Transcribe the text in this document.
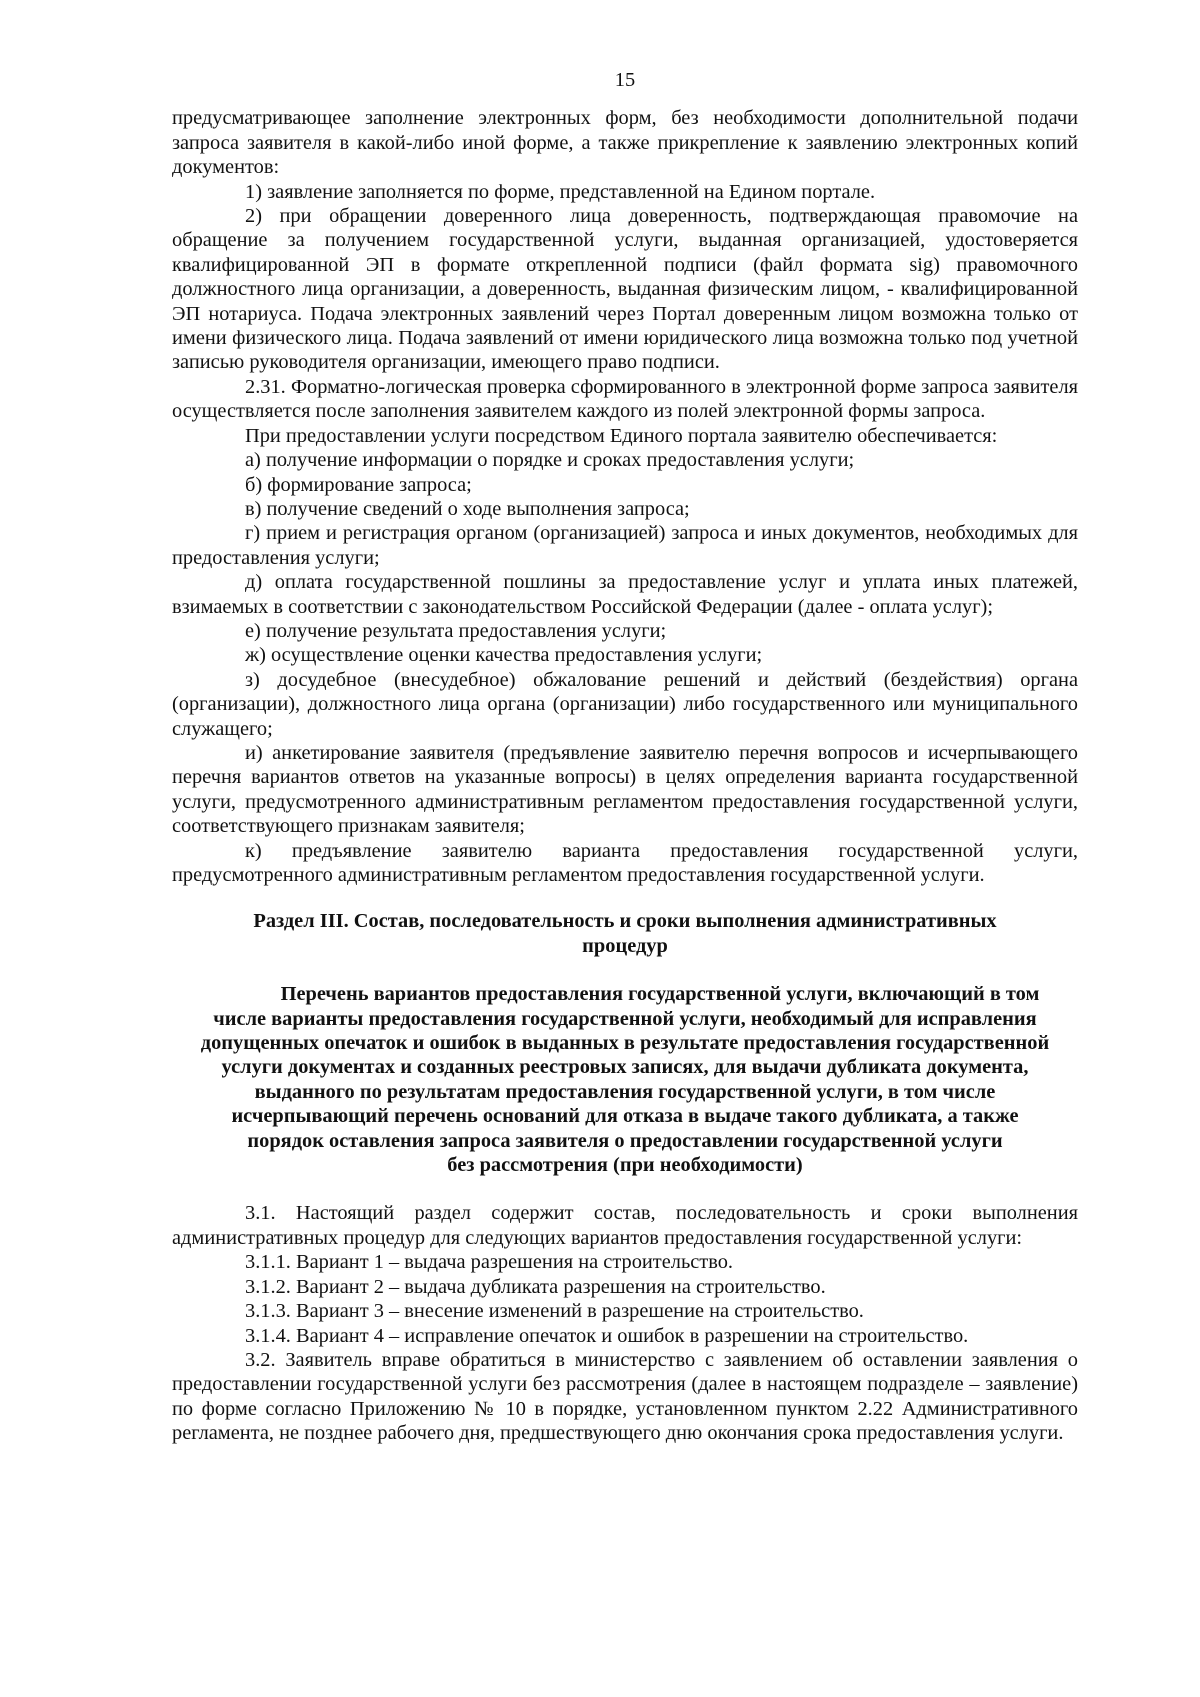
15

предусматривающее заполнение электронных форм, без необходимости дополнительной подачи запроса заявителя в какой-либо иной форме, а также прикрепление к заявлению электронных копий документов:

1) заявление заполняется по форме, представленной на Едином портале.

2) при обращении доверенного лица доверенность, подтверждающая правомочие на обращение за получением государственной услуги, выданная организацией, удостоверяется квалифицированной ЭП в формате открепленной подписи (файл формата sig) правомочного должностного лица организации, а доверенность, выданная физическим лицом, - квалифицированной ЭП нотариуса. Подача электронных заявлений через Портал доверенным лицом возможна только от имени физического лица. Подача заявлений от имени юридического лица возможна только под учетной записью руководителя организации, имеющего право подписи.

2.31. Форматно-логическая проверка сформированного в электронной форме запроса заявителя осуществляется после заполнения заявителем каждого из полей электронной формы запроса.

При предоставлении услуги посредством Единого портала заявителю обеспечивается:

а) получение информации о порядке и сроках предоставления услуги;

б) формирование запроса;

в) получение сведений о ходе выполнения запроса;

г) прием и регистрация органом (организацией) запроса и иных документов, необходимых для предоставления услуги;

д) оплата государственной пошлины за предоставление услуг и уплата иных платежей, взимаемых в соответствии с законодательством Российской Федерации (далее - оплата услуг);

е) получение результата предоставления услуги;

ж) осуществление оценки качества предоставления услуги;

з) досудебное (внесудебное) обжалование решений и действий (бездействия) органа (организации), должностного лица органа (организации) либо государственного или муниципального служащего;

и) анкетирование заявителя (предъявление заявителю перечня вопросов и исчерпывающего перечня вариантов ответов на указанные вопросы) в целях определения варианта государственной услуги, предусмотренного административным регламентом предоставления государственной услуги, соответствующего признакам заявителя;

к) предъявление заявителю варианта предоставления государственной услуги, предусмотренного административным регламентом предоставления государственной услуги.

Раздел III. Состав, последовательность и сроки выполнения административных
процедур
Перечень вариантов предоставления государственной услуги, включающий в том
числе варианты предоставления государственной услуги, необходимый для исправления
допущенных опечаток и ошибок в выданных в результате предоставления государственной
услуги документах и созданных реестровых записях, для выдачи дубликата документа,
выданного по результатам предоставления государственной услуги, в том числе
исчерпывающий перечень оснований для отказа в выдаче такого дубликата, а также
порядок оставления запроса заявителя о предоставлении государственной услуги
без рассмотрения (при необходимости)

3.1. Настоящий раздел содержит состав, последовательность и сроки выполнения административных процедур для следующих вариантов предоставления государственной услуги:

3.1.1. Вариант 1 – выдача разрешения на строительство.

3.1.2. Вариант 2 – выдача дубликата разрешения на строительство.

3.1.3. Вариант 3 – внесение изменений в разрешение на строительство.

3.1.4. Вариант 4 – исправление опечаток и ошибок в разрешении на строительство.

3.2. Заявитель вправе обратиться в министерство с заявлением об оставлении заявления о предоставлении государственной услуги без рассмотрения (далее в настоящем подразделе – заявление) по форме согласно Приложению № 10 в порядке, установленном пунктом 2.22 Административного регламента, не позднее рабочего дня, предшествующего дню окончания срока предоставления услуги.
